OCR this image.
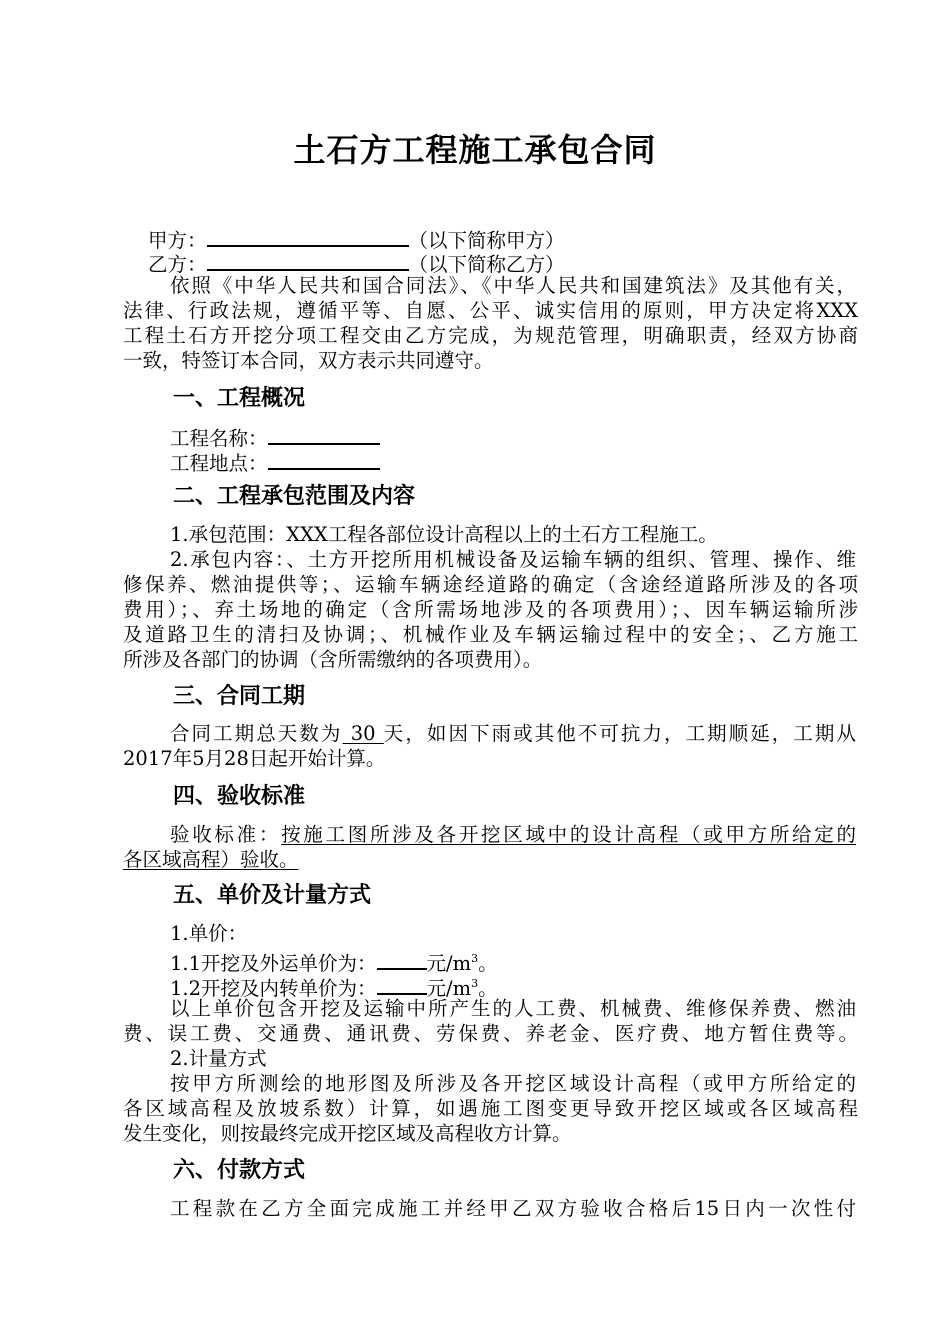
土石方工程施工承包合同
甲方：	（以下简称甲方）
乙方：	（以下简称乙方）
依照《中华人民共和国合同法》、《中华人民共和国建筑法》及其他有关，
法律、行政法规，遵循平等、自愿、公平、诚实信用的原则，甲方决定将XXX
工程土石方开挖分项工程交由乙方完成，为规范管理，明确职责，经双方协商
一致，特签订本合同，双方表示共同遵守。
一、工程概况
工程名称：
工程地点：
二、工程承包范围及内容
1.承包范围：XXX工程各部位设计高程以上的土石方工程施工。
2.承包内容：、土方开挖所用机械设备及运输车辆的组织、管理、操作、维
修保养、燃油提供等；、运输车辆途经道路的确定（含途经道路所涉及的各项
费用）；、弃土场地的确定（含所需场地涉及的各项费用）；、因车辆运输所涉
及道路卫生的清扫及协调；、机械作业及车辆运输过程中的安全；、乙方施工
所涉及各部门的协调（含所需缴纳的各项费用）。
三、合同工期
合同工期总天数为 30 天，如因下雨或其他不可抗力，工期顺延，工期从
2017年5月28日起开始计算。
四、验收标准
验收标准：按施工图所涉及各开挖区域中的设计高程（或甲方所给定的
各区域高程）验收。
五、单价及计量方式
1.单价：
1.1开挖及外运单价为：	元$/m^3$。
1.2开挖及内转单价为：	元$/m^3$。
以上单价包含开挖及运输中所产生的人工费、机械费、维修保养费、燃油
费、误工费、交通费、通讯费、劳保费、养老金、医疗费、地方暂住费等。
2.计量方式
按甲方所测绘的地形图及所涉及各开挖区域设计高程（或甲方所给定的
各区域高程及放坡系数）计算，如遇施工图变更导致开挖区域或各区域高程
发生变化，则按最终完成开挖区域及高程收方计算。
六、付款方式
工程款在乙方全面完成施工并经甲乙双方验收合格后15日内一次性付
